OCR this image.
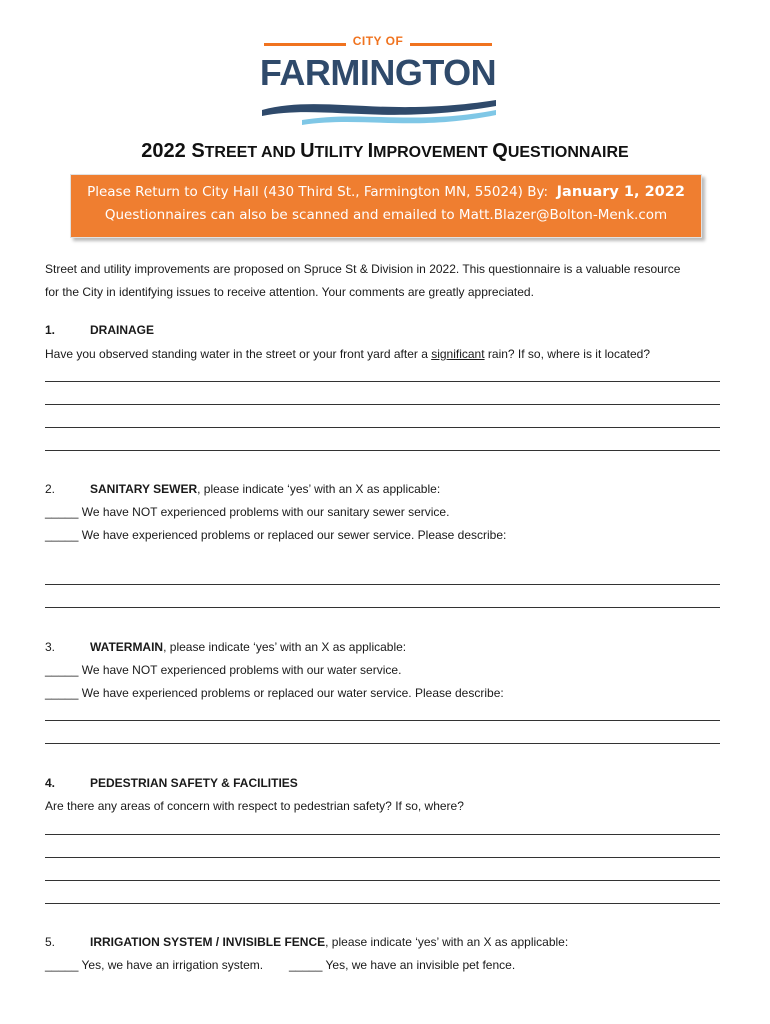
CITY OF
FARMINGTON
2022 STREET AND UTILITY IMPROVEMENT QUESTIONNAIRE
Please Return to City Hall (430 Third St., Farmington MN, 55024) By: January 1, 2022
Questionnaires can also be scanned and emailed to Matt.Blazer@Bolton-Menk.com
Street and utility improvements are proposed on Spruce St & Division in 2022. This questionnaire is a valuable resource
for the City in identifying issues to receive attention. Your comments are greatly appreciated.
1.	DRAINAGE
Have you observed standing water in the street or your front yard after a significant rain? If so, where is it located?
2.	SANITARY SEWER, please indicate ‘yes’ with an X as applicable:
_____ We have NOT experienced problems with our sanitary sewer service.
_____ We have experienced problems or replaced our sewer service. Please describe:
3.	WATERMAIN, please indicate ‘yes’ with an X as applicable:
_____ We have NOT experienced problems with our water service.
_____ We have experienced problems or replaced our water service. Please describe:
4.	PEDESTRIAN SAFETY & FACILITIES
Are there any areas of concern with respect to pedestrian safety? If so, where?
5.	IRRIGATION SYSTEM / INVISIBLE FENCE, please indicate ‘yes’ with an X as applicable:
_____ Yes, we have an irrigation system. _____ Yes, we have an invisible pet fence.
